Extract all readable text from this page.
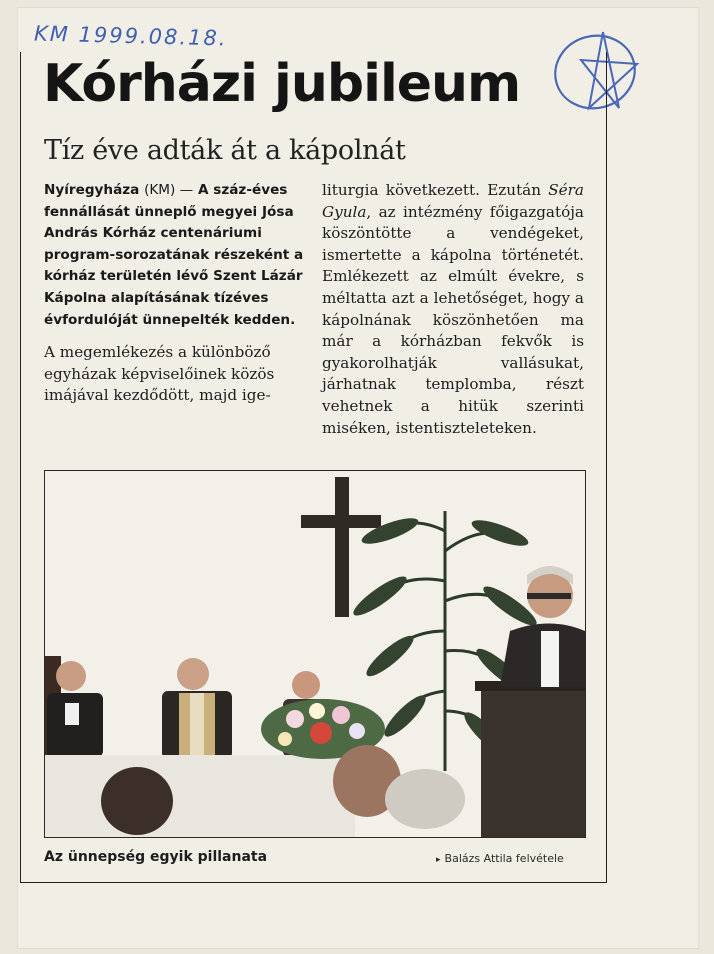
KM 1999.08.18.
Kórházi jubileum
Tíz éve adták át a kápolnát
Nyíregyháza (KM) — A száz-éves fennállását ünneplő megyei Jósa András Kórház centenáriumi program-sorozatának részeként a kórház területén lévő Szent Lázár Kápolna alapításának tízéves évfordulóját ünnepelték kedden.
A megemlékezés a különböző egyházak képviselőinek közös imájával kezdődött, majd ige-
liturgia következett. Ezután Séra Gyula, az intézmény főigazgatója köszöntötte a vendégeket, ismertette a kápolna történetét. Emlékezett az elmúlt évekre, s méltatta azt a lehetőséget, hogy a kápolnának köszönhetően ma már a kórházban fekvők is gyakorolhatják vallásukat, járhatnak templomba, részt vehetnek a hitük szerinti miséken, istentiszteleteken.
Az ünnepség egyik pillanata
▸	Balázs Attila felvétele
